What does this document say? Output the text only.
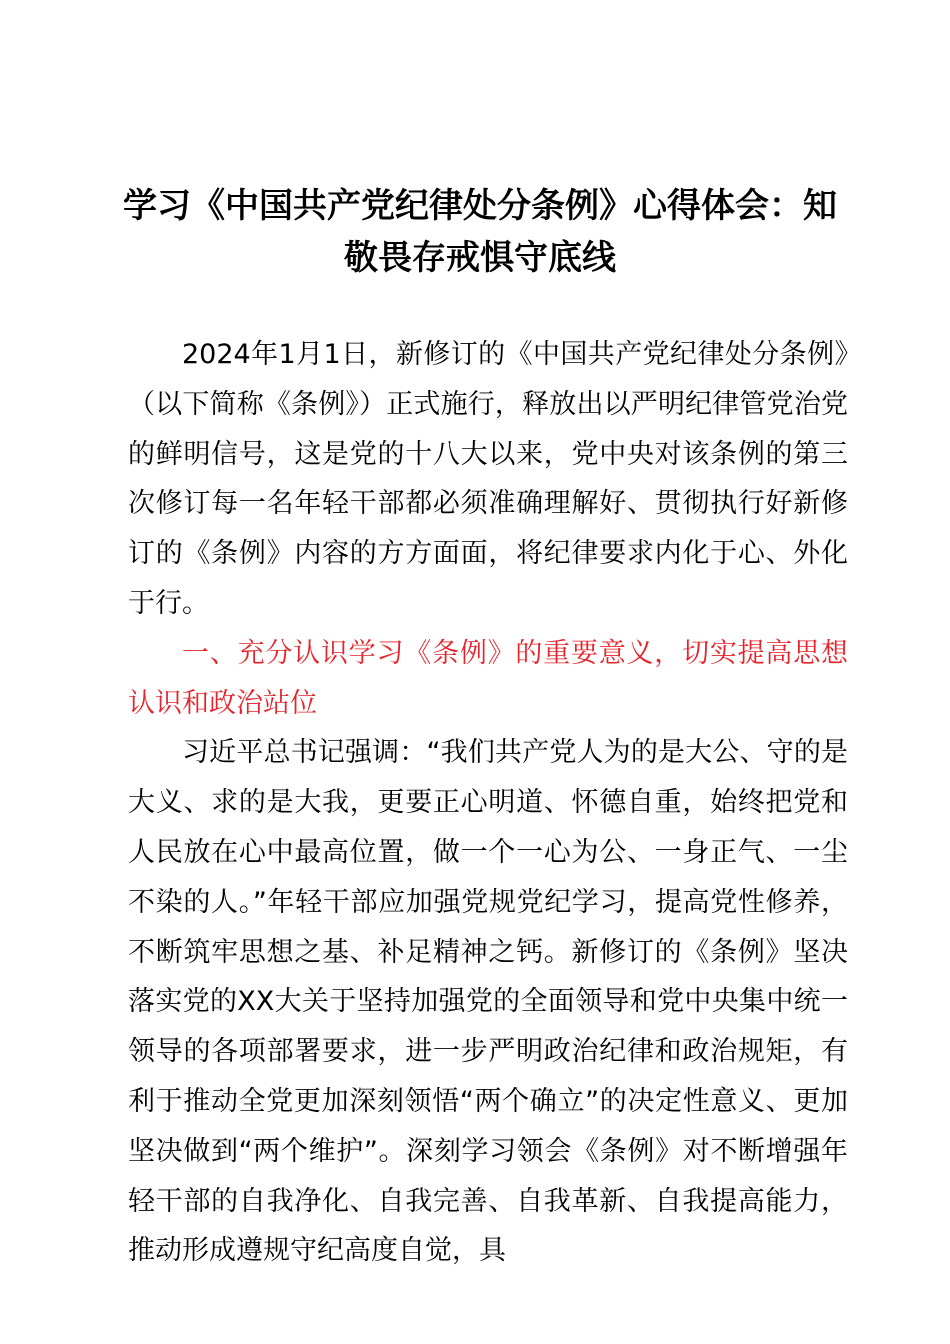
学习《中国共产党纪律处分条例》心得体会：知敬畏存戒惧守底线

2024年1月1日，新修订的《中国共产党纪律处分条例》（以下简称《条例》）正式施行，释放出以严明纪律管党治党的鲜明信号，这是党的十八大以来，党中央对该条例的第三次修订每一名年轻干部都必须准确理解好、贯彻执行好新修订的《条例》内容的方方面面，将纪律要求内化于心、外化于行。

一、充分认识学习《条例》的重要意义，切实提高思想认识和政治站位

习近平总书记强调：“我们共产党人为的是大公、守的是大义、求的是大我，更要正心明道、怀德自重，始终把党和人民放在心中最高位置，做一个一心为公、一身正气、一尘不染的人。”年轻干部应加强党规党纪学习，提高党性修养，不断筑牢思想之基、补足精神之钙。新修订的《条例》坚决落实党的XX大关于坚持加强党的全面领导和党中央集中统一领导的各项部署要求，进一步严明政治纪律和政治规矩，有利于推动全党更加深刻领悟“两个确立”的决定性意义、更加坚决做到“两个维护”。深刻学习领会《条例》对不断增强年轻干部的自我净化、自我完善、自我革新、自我提高能力，推动形成遵规守纪高度自觉，具
